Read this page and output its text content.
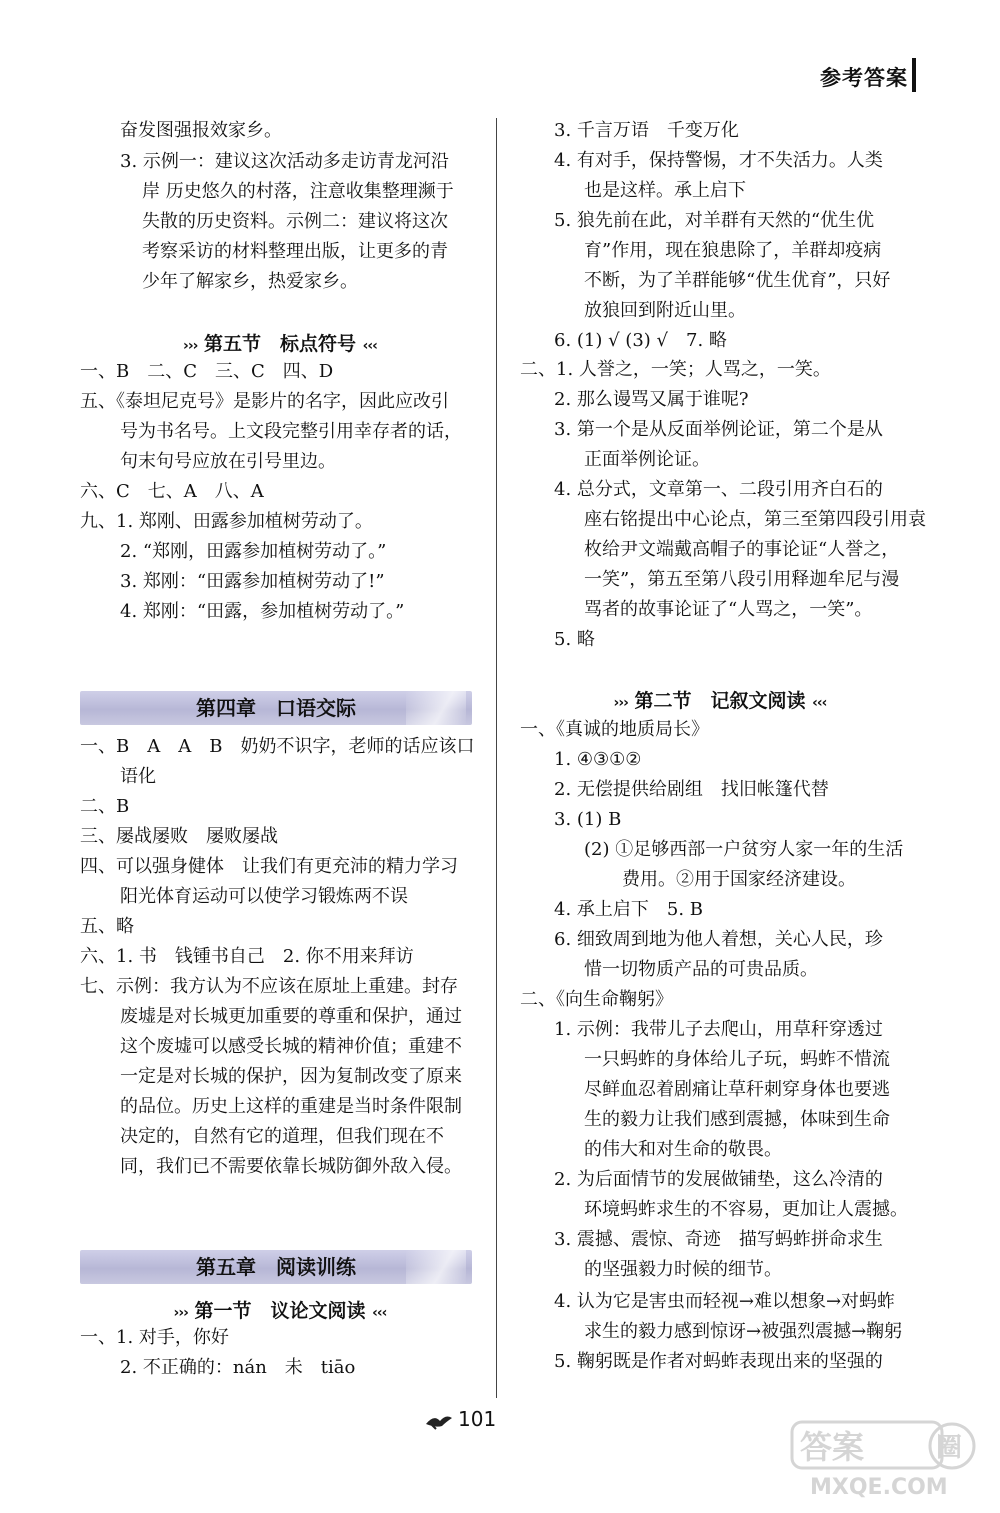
参考答案
奋发图强报效家乡。
3. 示例一：建议这次活动多走访青龙河沿
岸 历史悠久的村落，注意收集整理濒于
失散的历史资料。示例二：建议将这次
考察采访的材料整理出版，让更多的青
少年了解家乡，热爱家乡。
››› 第五节　标点符号 ‹‹‹
一、B　二、C　三、C　四、D
五、《泰坦尼克号》是影片的名字，因此应改引
号为书名号。上文段完整引用幸存者的话，
句末句号应放在引号里边。
六、C　七、A　八、A
九、1. 郑刚、田露参加植树劳动了。
2. “郑刚，田露参加植树劳动了。”
3. 郑刚：“田露参加植树劳动了!”
4. 郑刚：“田露，参加植树劳动了。”
第四章　口语交际
一、B　A　A　B　奶奶不识字，老师的话应该口
语化
二、B
三、屡战屡败　屡败屡战
四、可以强身健体　让我们有更充沛的精力学习
阳光体育运动可以使学习锻炼两不误
五、略
六、1. 书　钱锺书自己　2. 你不用来拜访
七、示例：我方认为不应该在原址上重建。封存
废墟是对长城更加重要的尊重和保护，通过
这个废墟可以感受长城的精神价值；重建不
一定是对长城的保护，因为复制改变了原来
的品位。历史上这样的重建是当时条件限制
决定的，自然有它的道理，但我们现在不
同，我们已不需要依靠长城防御外敌入侵。
第五章　阅读训练
››› 第一节　议论文阅读 ‹‹‹
一、1. 对手，你好
2. 不正确的：nán　未　tiāo
3. 千言万语　千变万化
4. 有对手，保持警惕，才不失活力。人类
也是这样。承上启下
5. 狼先前在此，对羊群有天然的“优生优
育”作用，现在狼患除了，羊群却疫病
不断，为了羊群能够“优生优育”，只好
放狼回到附近山里。
6. (1) √ (3) √　7. 略
二、1. 人誉之，一笑；人骂之，一笑。
2. 那么谩骂又属于谁呢?
3. 第一个是从反面举例论证，第二个是从
正面举例论证。
4. 总分式，文章第一、二段引用齐白石的
座右铭提出中心论点，第三至第四段引用袁
枚给尹文端戴高帽子的事论证“人誉之，
一笑”，第五至第八段引用释迦牟尼与漫
骂者的故事论证了“人骂之，一笑”。
5. 略
››› 第二节　记叙文阅读 ‹‹‹
一、《真诚的地质局长》
1. ④③①②
2. 无偿提供给剧组　找旧帐篷代替
3. (1) B
(2) ①足够西部一户贫穷人家一年的生活
费用。②用于国家经济建设。
4. 承上启下　5. B
6. 细致周到地为他人着想，关心人民，珍
惜一切物质产品的可贵品质。
二、《向生命鞠躬》
1. 示例：我带儿子去爬山，用草秆穿透过
一只蚂蚱的身体给儿子玩，蚂蚱不惜流
尽鲜血忍着剧痛让草秆刺穿身体也要逃
生的毅力让我们感到震撼，体味到生命
的伟大和对生命的敬畏。
2. 为后面情节的发展做铺垫，这么冷清的
环境蚂蚱求生的不容易，更加让人震撼。
3. 震撼、震惊、奇迹　描写蚂蚱拼命求生
的坚强毅力时候的细节。
4. 认为它是害虫而轻视→难以想象→对蚂蚱
求生的毅力感到惊讶→被强烈震撼→鞠躬
5. 鞠躬既是作者对蚂蚱表现出来的坚强的
101
答案	圈
MXQE.COM
